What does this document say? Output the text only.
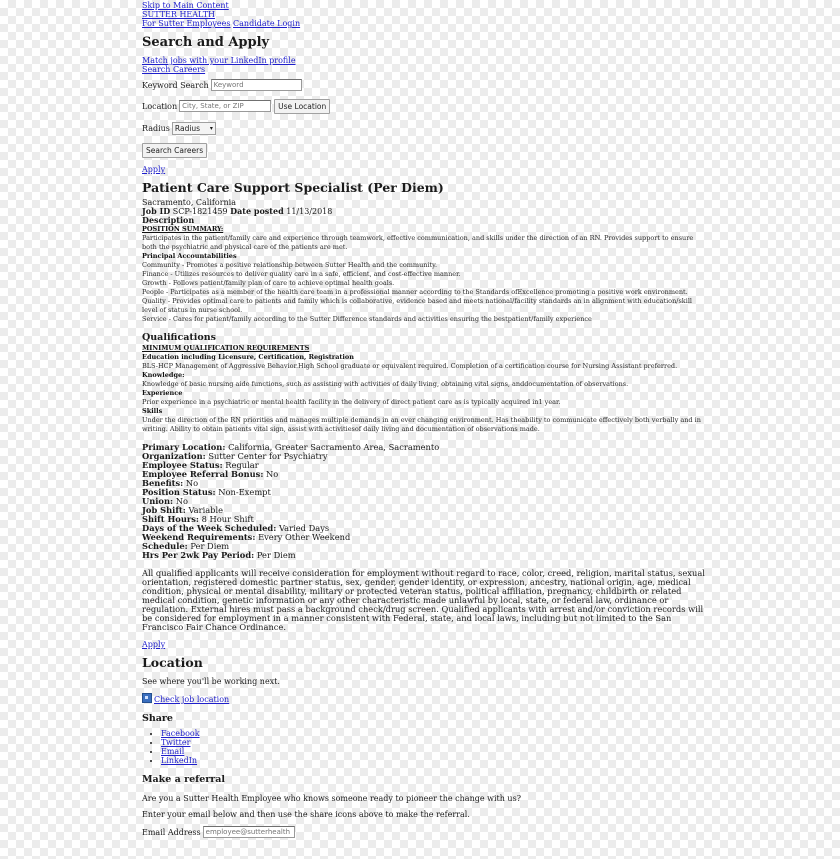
Skip to Main Content
SUTTER HEALTH
For Sutter Employees Candidate Login
Search and Apply
Match jobs with your LinkedIn profile
Search Careers
Keyword Search
Keyword
Location
City, State, or ZIP	Use Location
Radius Radius ▾
Search Careers
Apply
Patient Care Support Specialist (Per Diem)
Sacramento, California
Job ID SCP-1821459 Date posted 11/13/2018
Description
POSITION SUMMARY:
Participates in the patient/family care and experience through teamwork, effective communication, and skills under the direction of an RN. Provides support to ensure both the psychiatric and physical care of the patients are met.
Principal Accountabilities
Community - Promotes a positive relationship between Sutter Health and the community.
Finance - Utilizes resources to deliver quality care in a safe, efficient, and cost-effective manner.
Growth - Follows patient/family plan of care to achieve optimal health goals.
People - Participates as a member of the health care team in a professional manner according to the Standards ofExcellence promoting a positive work environment.
Quality - Provides optimal care to patients and family which is collaborative, evidence based and meets national/facility standards an in alignment with education/skill level of status in nurse school.
Service - Cares for patient/family according to the Sutter Difference standards and activities ensuring the bestpatient/family experience
Qualifications
MINIMUM QUALIFICATION REQUIREMENTS
Education including Licensure, Certification, Registration
BLS-HCP Management of Aggressive Behavior.High School graduate or equivalent required. Completion of a certification course for Nursing Assistant preferred.
Knowledge:
Knowledge of basic nursing aide functions, such as assisting with activities of daily living, obtaining vital signs, anddocumentation of observations.
Experience
Prior experience in a psychiatric or mental health facility in the delivery of direct patient care as is typically acquired in1 year.
Skills
Under the direction of the RN priorities and manages multiple demands in an ever changing environment. Has theability to communicate effectively both verbally and in writing. Ability to obtain patients vital sign, assist with activitiesof daily living and documentation of observations made.
Primary Location: California, Greater Sacramento Area, Sacramento
Organization: Sutter Center for Psychiatry
Employee Status: Regular
Employee Referral Bonus: No
Benefits: No
Position Status: Non-Exempt
Union: No
Job Shift: Variable
Shift Hours: 8 Hour Shift
Days of the Week Scheduled: Varied Days
Weekend Requirements: Every Other Weekend
Schedule: Per Diem
Hrs Per 2wk Pay Period: Per Diem
All qualified applicants will receive consideration for employment without regard to race, color, creed, religion, marital status, sexual orientation, registered domestic partner status, sex, gender, gender identity, or expression, ancestry, national origin, age, medical condition, physical or mental disability, military or protected veteran status, political affiliation, pregnancy, childbirth or related medical condition, genetic information or any other characteristic made unlawful by local, state, or federal law, ordinance or regulation. External hires must pass a background check/drug screen. Qualified applicants with arrest and/or conviction records will be considered for employment in a manner consistent with Federal, state, and local laws, including but not limited to the San Francisco Fair Chance Ordinance.
Apply
Location
See where you'll be working next.
Check job location
Share
• Facebook
• Twitter
• Email
• LinkedIn
Make a referral
Are you a Sutter Health Employee who knows someone ready to pioneer the change with us?
Enter your email below and then use the share icons above to make the referral.
Email Address
employee@sutterhealth
